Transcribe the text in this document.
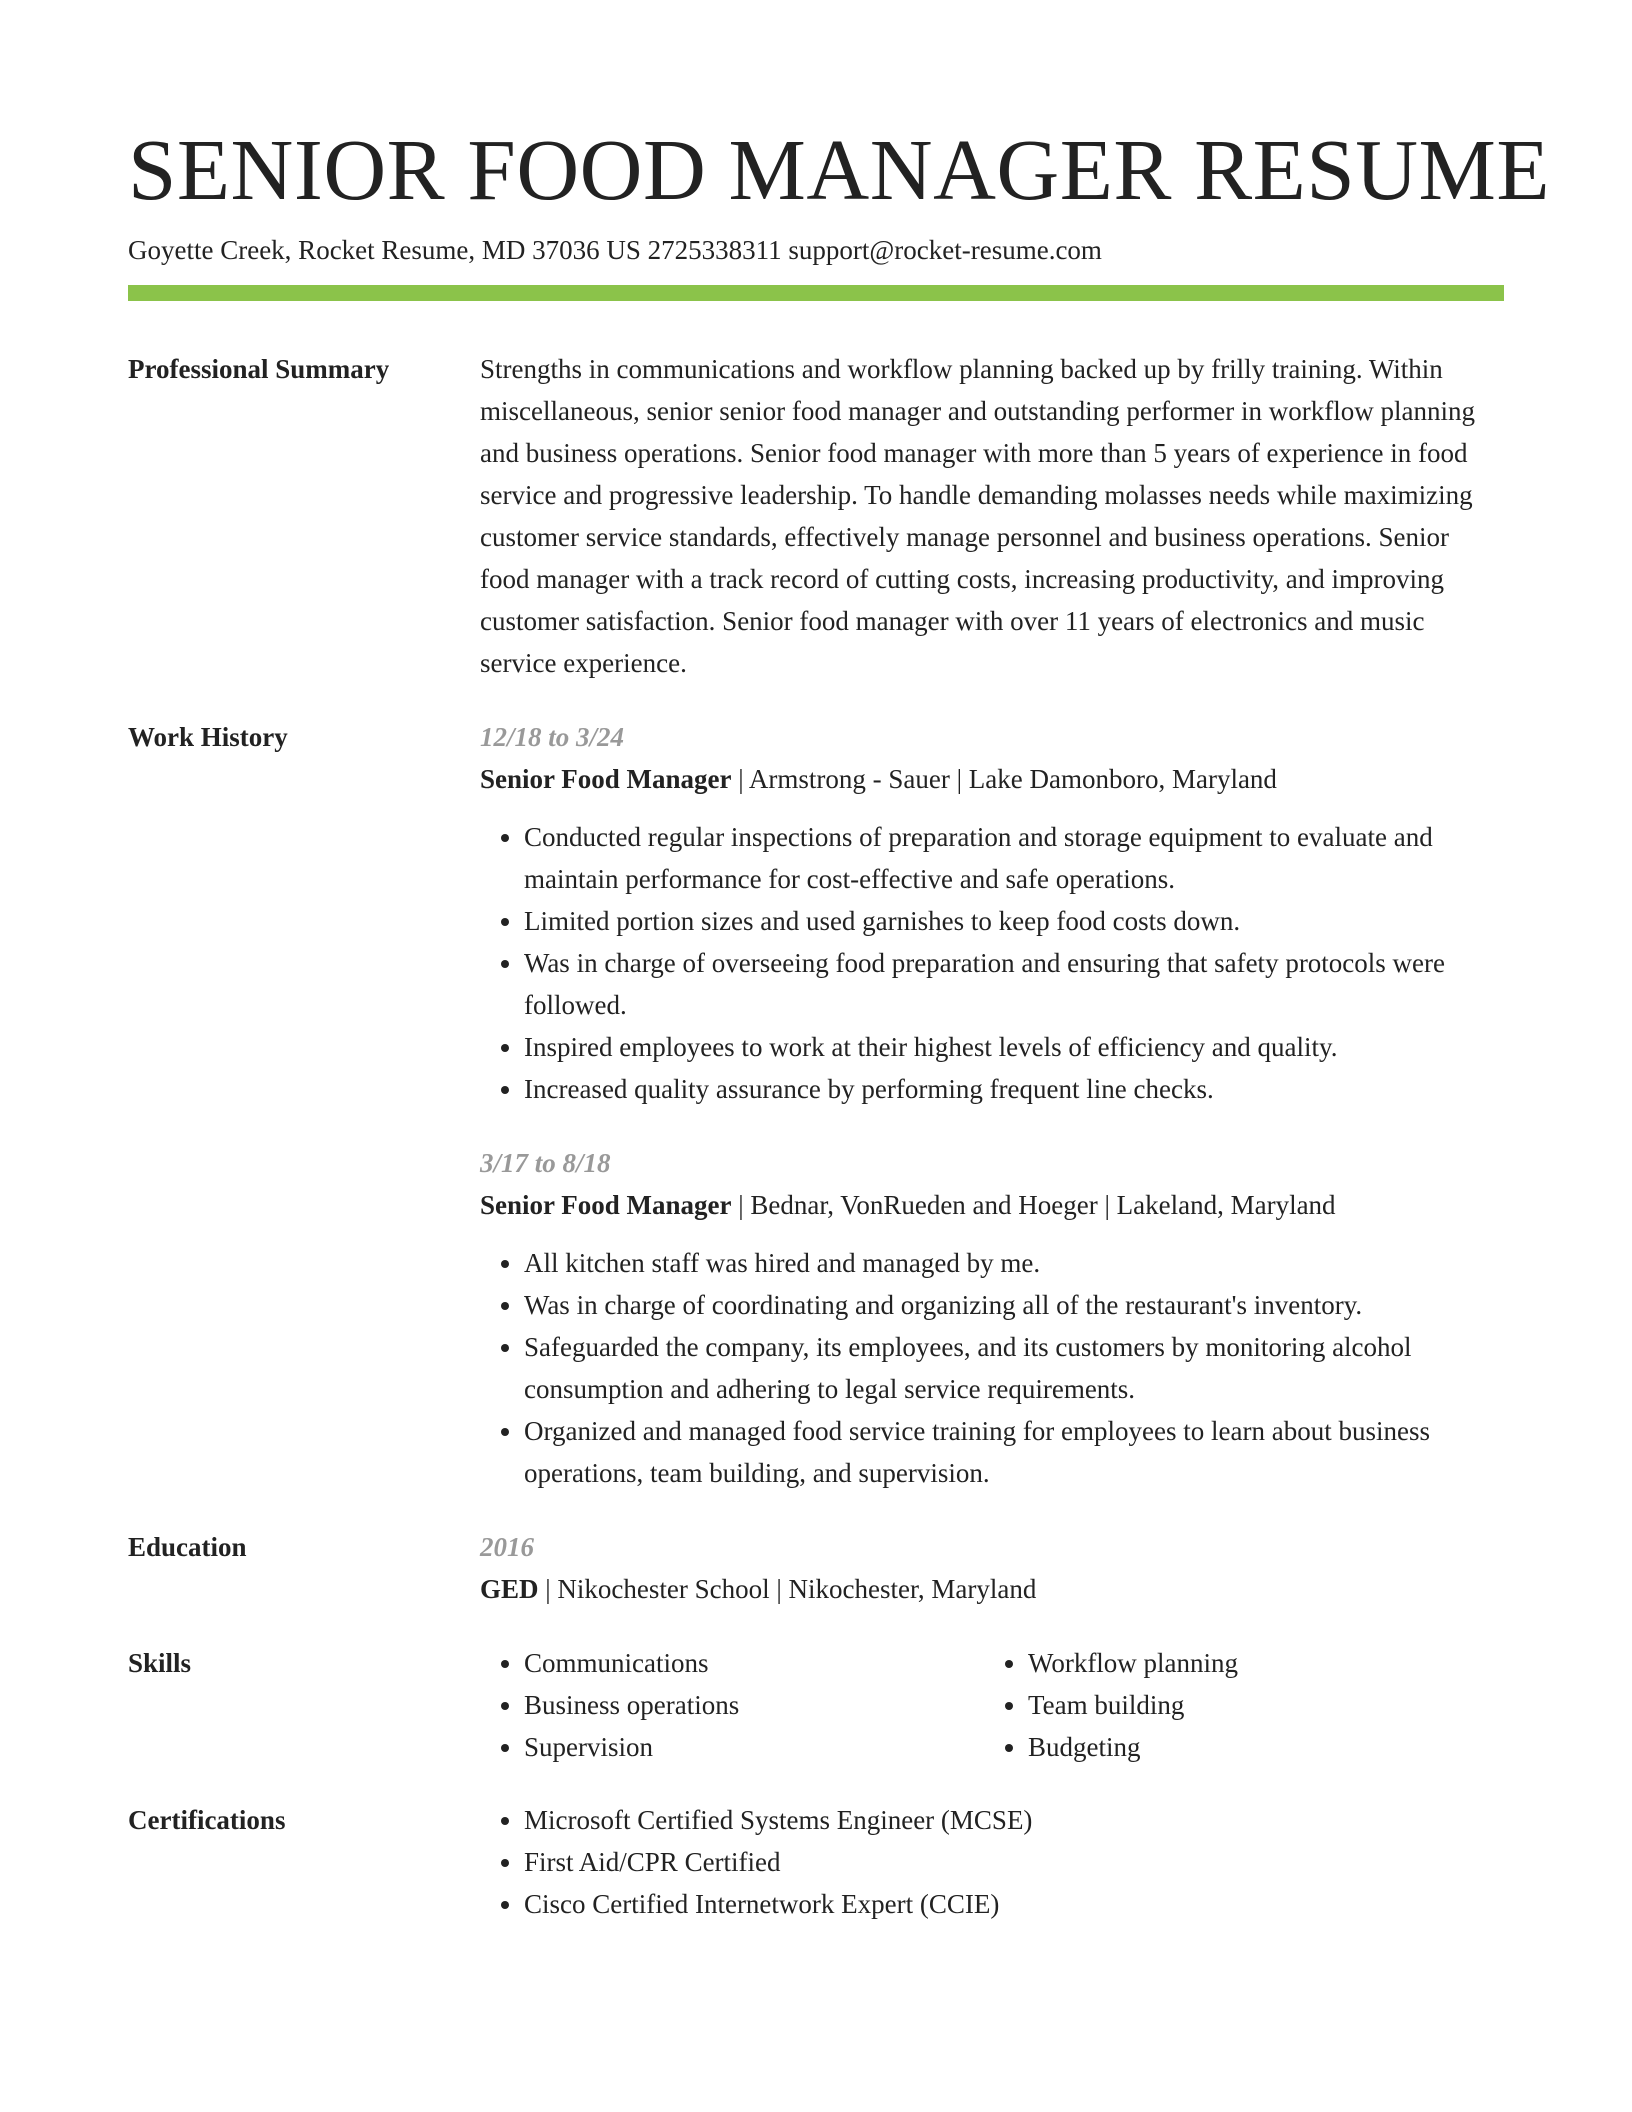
SENIOR FOOD MANAGER RESUME
Goyette Creek, Rocket Resume, MD 37036 US 2725338311 support@rocket-resume.com
Professional Summary	Strengths in communications and workflow planning backed up by frilly training. Within miscellaneous, senior senior food manager and outstanding performer in workflow planning and business operations. Senior food manager with more than 5 years of experience in food service and progressive leadership. To handle demanding molasses needs while maximizing customer service standards, effectively manage personnel and business operations. Senior food manager with a track record of cutting costs, increasing productivity, and improving customer satisfaction. Senior food manager with over 11 years of electronics and music service experience.

Work History	12/18 to 3/24
Senior Food Manager | Armstrong - Sauer | Lake Damonboro, Maryland
• Conducted regular inspections of preparation and storage equipment to evaluate and maintain performance for cost-effective and safe operations.
• Limited portion sizes and used garnishes to keep food costs down.
• Was in charge of overseeing food preparation and ensuring that safety protocols were followed.
• Inspired employees to work at their highest levels of efficiency and quality.
• Increased quality assurance by performing frequent line checks.
3/17 to 8/18
Senior Food Manager | Bednar, VonRueden and Hoeger | Lakeland, Maryland
• All kitchen staff was hired and managed by me.
• Was in charge of coordinating and organizing all of the restaurant's inventory.
• Safeguarded the company, its employees, and its customers by monitoring alcohol consumption and adhering to legal service requirements.
• Organized and managed food service training for employees to learn about business operations, team building, and supervision.
Education	2016
GED | Nikochester School | Nikochester, Maryland
Skills	• Communications
• Business operations
• Supervision
• Workflow planning
• Team building
• Budgeting
Certifications	• Microsoft Certified Systems Engineer (MCSE)
• First Aid/CPR Certified
• Cisco Certified Internetwork Expert (CCIE)
